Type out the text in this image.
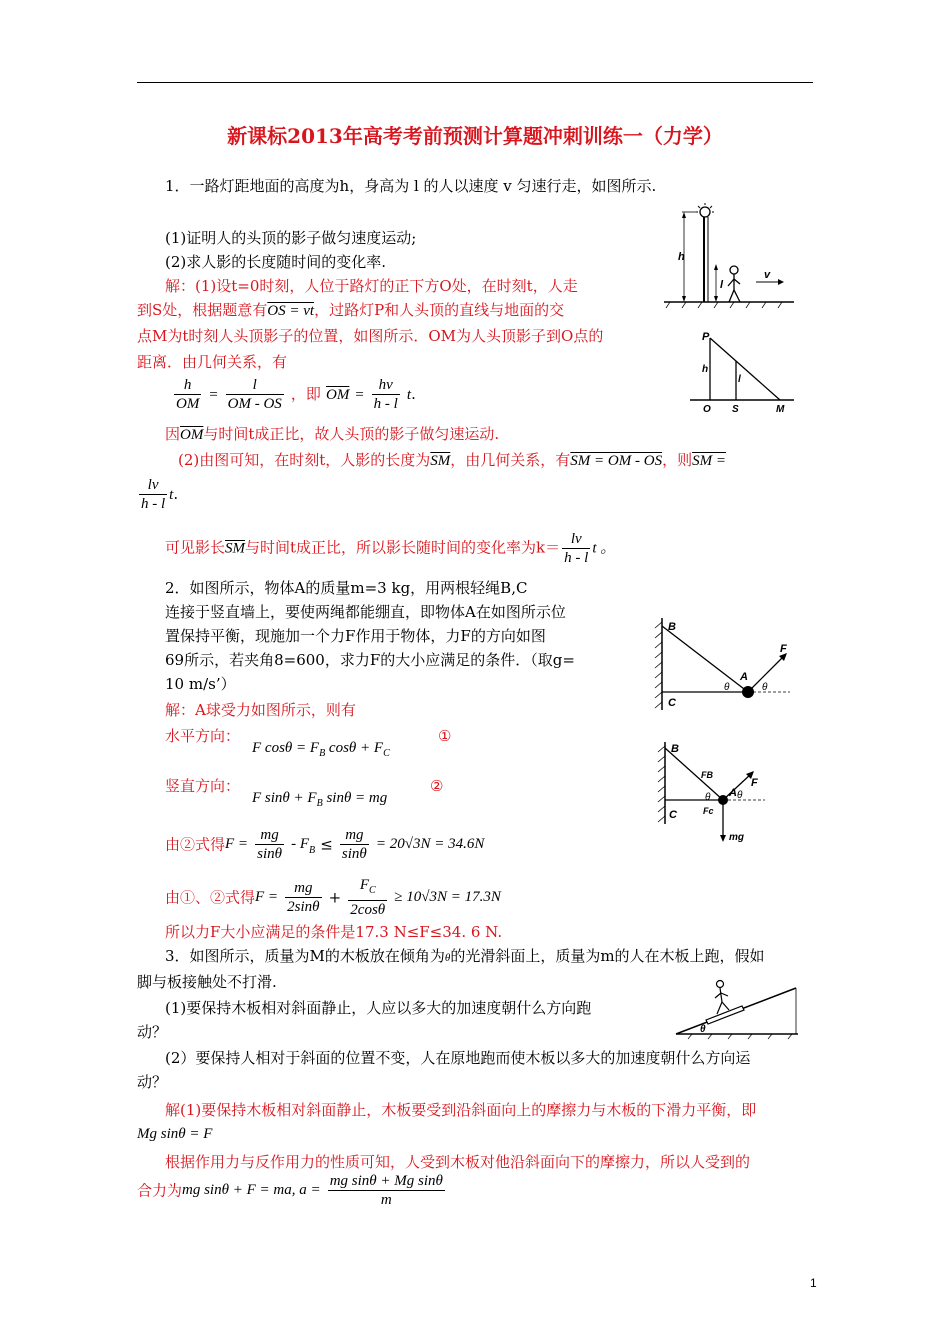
新课标2013年高考考前预测计算题冲刺训练一（力学）
1．一路灯距地面的高度为h，身高为 l 的人以速度 v 匀速行走，如图所示.
(1)证明人的头顶的影子做匀速度运动;
(2)求人影的长度随时间的变化率.
解：(1)设t=0时刻，人位于路灯的正下方O处，在时刻t，人走
到S处，根据题意有OS = vt，过路灯P和人头顶的直线与地面的交
点M为t时刻人头顶影子的位置，如图所示．OM为人头顶影子到O点的
距离．由几何关系，有
$\frac{h}{OM} = \frac{l}{OM - OS}$ ，即 $\overline{OM} = \frac{hv}{h - l} t$.
因$\overline{OM}$与时间t成正比，故人头顶的影子做匀速运动.
(2)由图可知，在时刻t，人影的长度为$\overline{SM}$，由几何关系，有SM = OM - OS，则SM =
$\frac{lv}{h - l} t$.
可见影长$\overline{SM}$与时间t成正比，所以影长随时间的变化率为$k= \frac{lv}{h - l}$ t 。
h
l
v
P
h
l
O S	M
2．如图所示，物体A的质量m=3 kg，用两根轻绳B,C
连接于竖直墙上，要使两绳都能绷直，即物体A在如图所示位
置保持平衡，现施加一个力F作用于物体，力F的方向如图
69所示，若夹角8=600，求力F的大小应满足的条件．（取g=
10 m/s’）
解：A球受力如图所示，则有
水平方向：
F $\cos\theta = F_B$ $\cos\theta + F_C$
①
竖直方向：
F $\sin\theta + F_B$ sinθ = mg
②
由②式得$F = \frac{mg}{\sin\theta} - F_B \le \frac{mg}{\sin\theta} = 20√3N = 34.6N$
由①、②式得$F = \frac{mg}{2\sin\theta} + \frac{F_C}{2\cos\theta} \ge 10√3N = 17.3N$
所以力F大小应满足的条件是17.3 N≤F≤34. 6 N.
B
C
F
A
θ	θ
B
C
mg
F
A
FB
Fc
θ	θ
3．如图所示，质量为M的木板放在倾角为θ的光滑斜面上，质量为m的人在木板上跑，假如
脚与板接触处不打滑.
(1)要保持木板相对斜面静止，人应以多大的加速度朝什么方向跑
动？
(2）要保持人相对于斜面的位置不变，人在原地跑而使木板以多大的加速度朝什么方向运
动？
解(1)要保持木板相对斜面静止，木板要受到沿斜面向上的摩擦力与木板的下滑力平衡，即
Mg sinθ = F
根据作用力与反作用力的性质可知，人受到木板对他沿斜面向下的摩擦力，所以人受到的
合力为mg sinθ + F = ma, $a = \frac{\text{mg sinθ + Mg sinθ}}{m}$
θ
1
